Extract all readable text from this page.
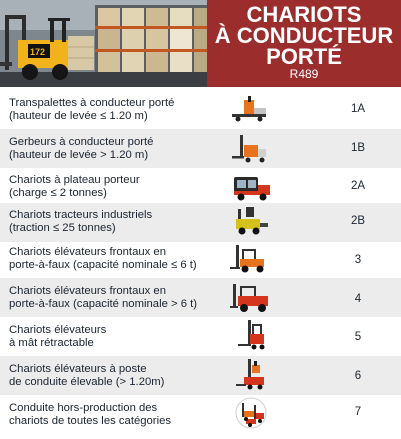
172
CHARIOTS
À CONDUCTEUR
PORTÉ
R489
Transpalettes à conducteur porté
(hauteur de levée ≤ 1.20 m)
1A
Gerbeurs à conducteur porté
(hauteur de levée > 1.20 m)
1B
Chariots à plateau porteur
(charge ≤ 2 tonnes)
2A
Chariots tracteurs industriels
(traction ≤ 25 tonnes)
2B
Chariots élévateurs frontaux en
porte-à-faux (capacité nominale ≤ 6 t)	3
Chariots élévateurs frontaux en
porte-à-faux (capacité nominale > 6 t)	4
Chariots élévateurs
à mât rétractable	5
Chariots élévateurs à poste
de conduite élevable (> 1.20m)	6
Conduite hors-production des
chariots de toutes les catégories
7
